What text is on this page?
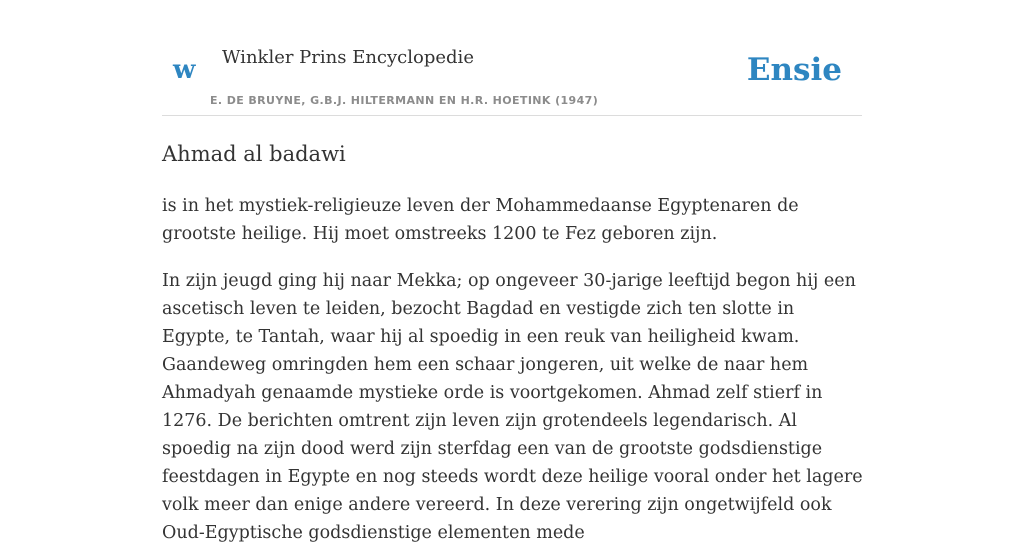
w Winkler Prins Encyclopedie
E. DE BRUYNE, G.B.J. HILTERMANN EN H.R. HOETINK (1947)
Ensie
Ahmad al badawi

is in het mystiek-religieuze leven der Mohammedaanse Egyptenaren de grootste heilige. Hij moet omstreeks 1200 te Fez geboren zijn.

In zijn jeugd ging hij naar Mekka; op ongeveer 30-jarige leeftijd begon hij een ascetisch leven te leiden, bezocht Bagdad en vestigde zich ten slotte in Egypte, te Tantah, waar hij al spoedig in een reuk van heiligheid kwam. Gaandeweg omringden hem een schaar jongeren, uit welke de naar hem Ahmadyah genaamde mystieke orde is voortgekomen. Ahmad zelf stierf in 1276. De berichten omtrent zijn leven zijn grotendeels legendarisch. Al spoedig na zijn dood werd zijn sterfdag een van de grootste godsdienstige feestdagen in Egypte en nog steeds wordt deze heilige vooral onder het lagere volk meer dan enige andere vereerd. In deze verering zijn ongetwijfeld ook Oud-Egyptische godsdienstige elementen mede
